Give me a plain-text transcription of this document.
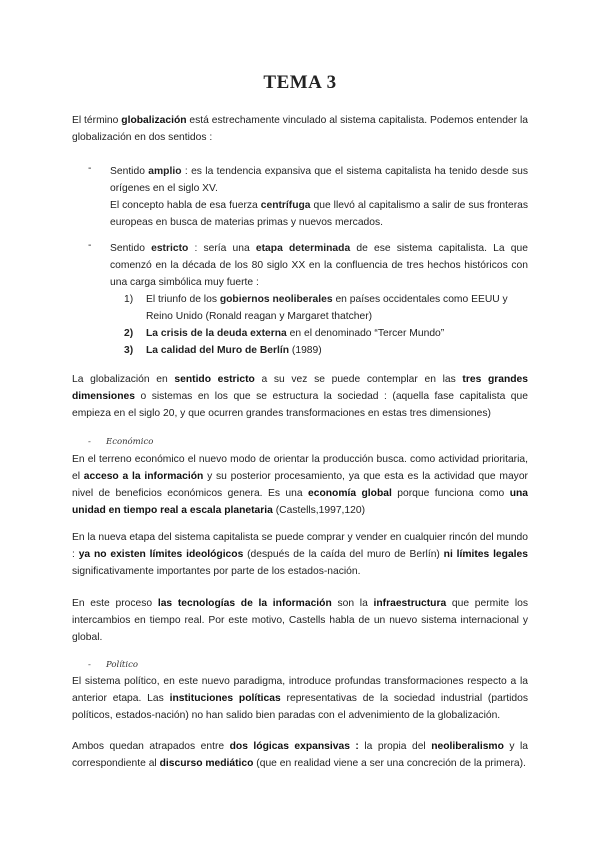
TEMA 3
El término globalización está estrechamente vinculado al sistema capitalista. Podemos entender la globalización en dos sentidos :
- Sentido amplio : es la tendencia expansiva que el sistema capitalista ha tenido desde sus orígenes en el siglo XV.
El concepto habla de esa fuerza centrífuga que llevó al capitalismo a salir de sus fronteras europeas en busca de materias primas y nuevos mercados.
- Sentido estricto : sería una etapa determinada de ese sistema capitalista. La que comenzó en la década de los 80 siglo XX en la confluencia de tres hechos históricos con una carga simbólica muy fuerte :
1) El triunfo de los gobiernos neoliberales en países occidentales como EEUU y Reino Unido (Ronald reagan y Margaret thatcher)
2) La crisis de la deuda externa en el denominado “Tercer Mundo”
3) La calidad del Muro de Berlín (1989)
La globalización en sentido estricto a su vez se puede contemplar en las tres grandes dimensiones o sistemas en los que se estructura la sociedad : (aquella fase capitalista que empieza en el siglo 20, y que ocurren grandes transformaciones en estas tres dimensiones)
- Económico
En el terreno económico el nuevo modo de orientar la producción busca. como actividad prioritaria, el acceso a la información y su posterior procesamiento, ya que esta es la actividad que mayor nivel de beneficios económicos genera. Es una economía global porque funciona como una unidad en tiempo real a escala planetaria (Castells,1997,120)
En la nueva etapa del sistema capitalista se puede comprar y vender en cualquier rincón del mundo : ya no existen límites ideológicos (después de la caída del muro de Berlín) ni límites legales significativamente importantes por parte de los estados-nación.
En este proceso las tecnologías de la información son la infraestructura que permite los intercambios en tiempo real. Por este motivo, Castells habla de un nuevo sistema internacional y global.
- Político
El sistema político, en este nuevo paradigma, introduce profundas transformaciones respecto a la anterior etapa. Las instituciones políticas representativas de la sociedad industrial (partidos políticos, estados-nación) no han salido bien paradas con el advenimiento de la globalización.
Ambos quedan atrapados entre dos lógicas expansivas : la propia del neoliberalismo y la correspondiente al discurso mediático (que en realidad viene a ser una concreción de la primera).
